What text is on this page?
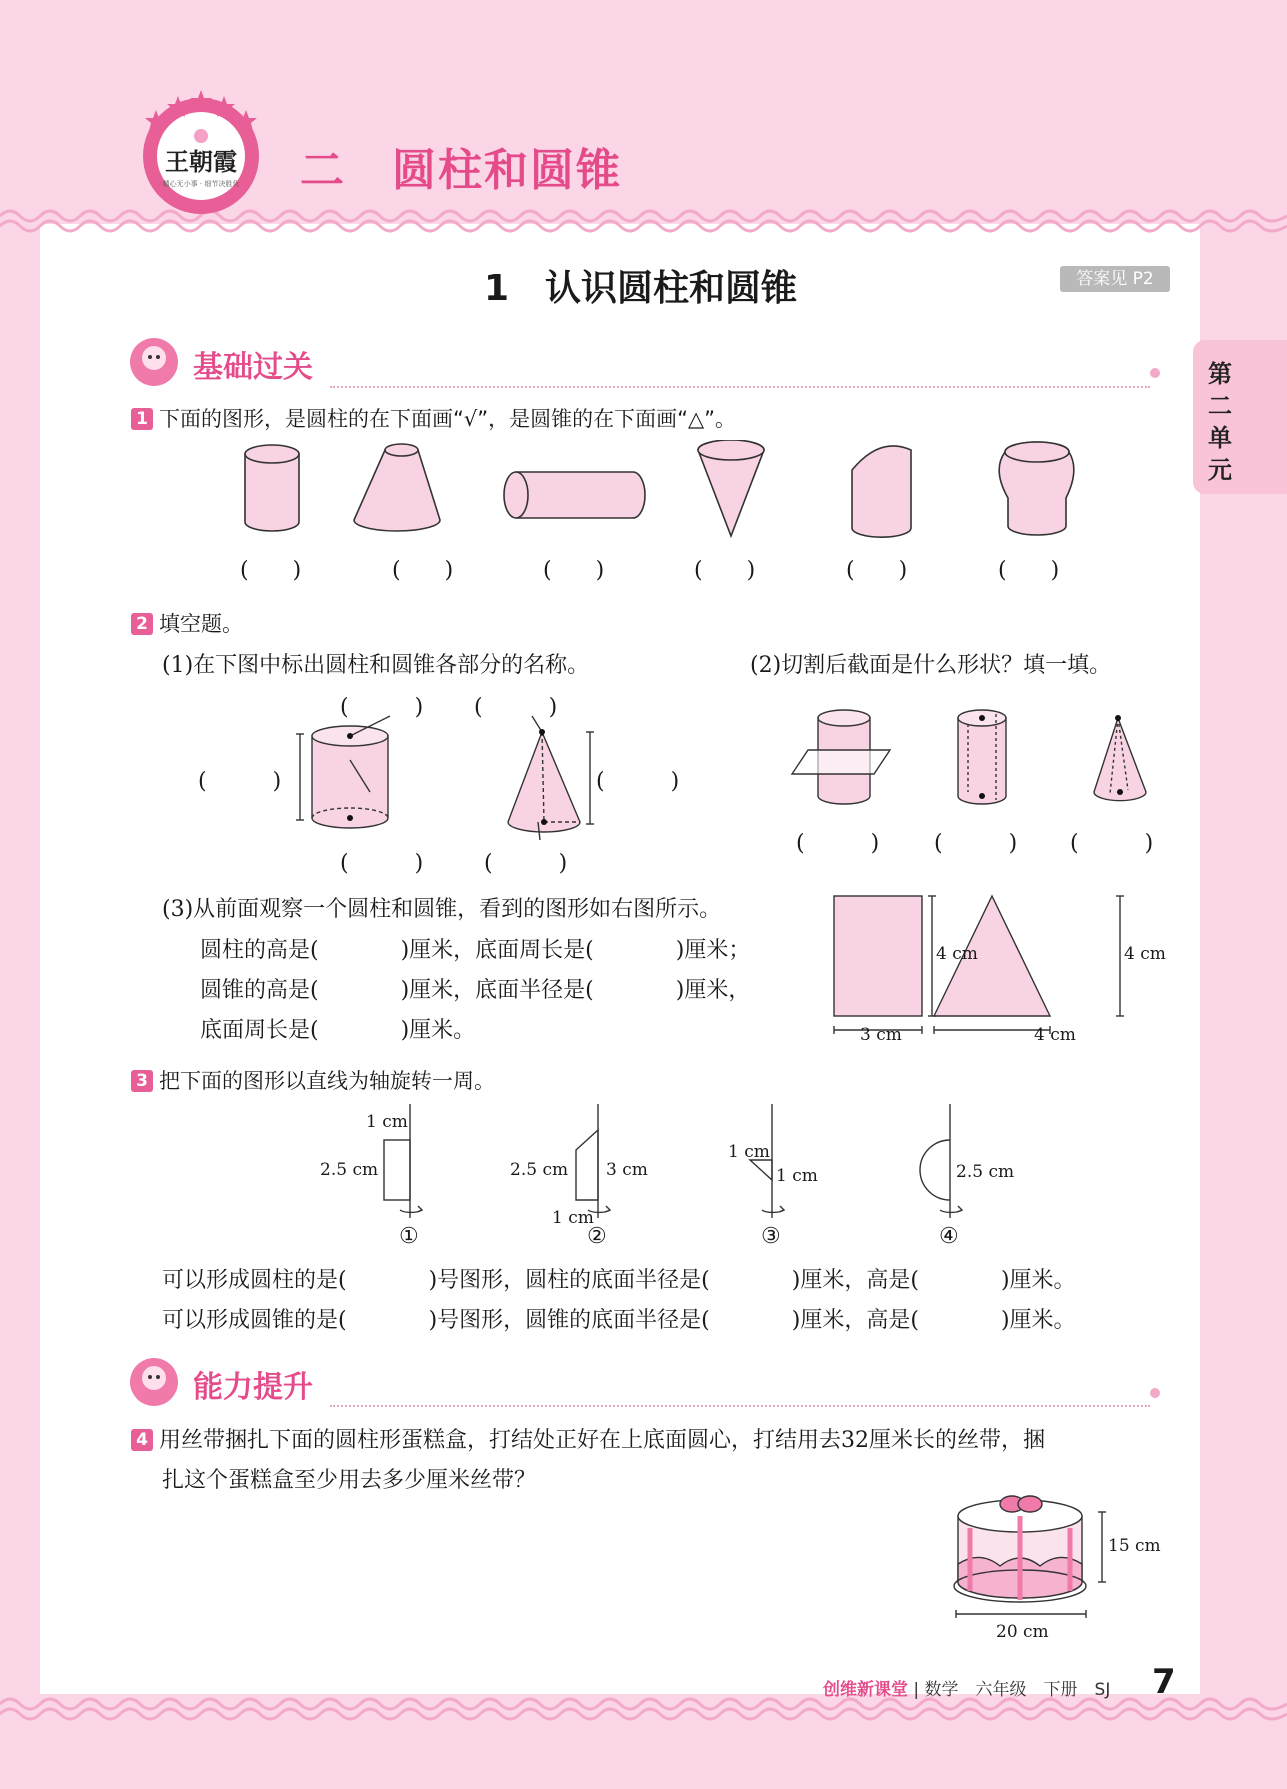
王朝霞
精心无小事 · 细节决胜负 二　圆柱和圆锥
1　认识圆柱和圆锥	答案见 P2
第二单元
基础过关
1 下面的图形，是圆柱的在下面画“√”，是圆锥的在下面画“△”。
(　　)	(　　)	(　　)	(　　)	(　　)	(　　)
2 填空题。
(1)在下图中标出圆柱和圆锥各部分的名称。	(2)切割后截面是什么形状？填一填。
(　　　) (　　　)
(　　　)	(　　　)
(　　　)	(　　　)
(　　　) (　　　) (　　　)
(3)从前面观察一个圆柱和圆锥，看到的图形如右图所示。
圆柱的高是(	)厘米，底面周长是(	)厘米；
圆锥的高是(	)厘米，底面半径是(	)厘米，
底面周长是(	)厘米。
4 cm
3 cm
4 cm
4 cm
3 把下面的图形以直线为轴旋转一周。
1 cm
2.5 cm	2.5 cm 3 cm
1 cm
1 cm
1 cm	2.5 cm
①	②	③	④
可以形成圆柱的是(	)号图形，圆柱的底面半径是(	)厘米，高是(	)厘米。
可以形成圆锥的是(	)号图形，圆锥的底面半径是(	)厘米，高是(	)厘米。
能力提升
4 用丝带捆扎下面的圆柱形蛋糕盒，打结处正好在上底面圆心，打结用去32厘米长的丝带，捆
扎这个蛋糕盒至少用去多少厘米丝带？
15 cm
20 cm
创维新课堂 | 数学　六年级　下册　SJ 7
